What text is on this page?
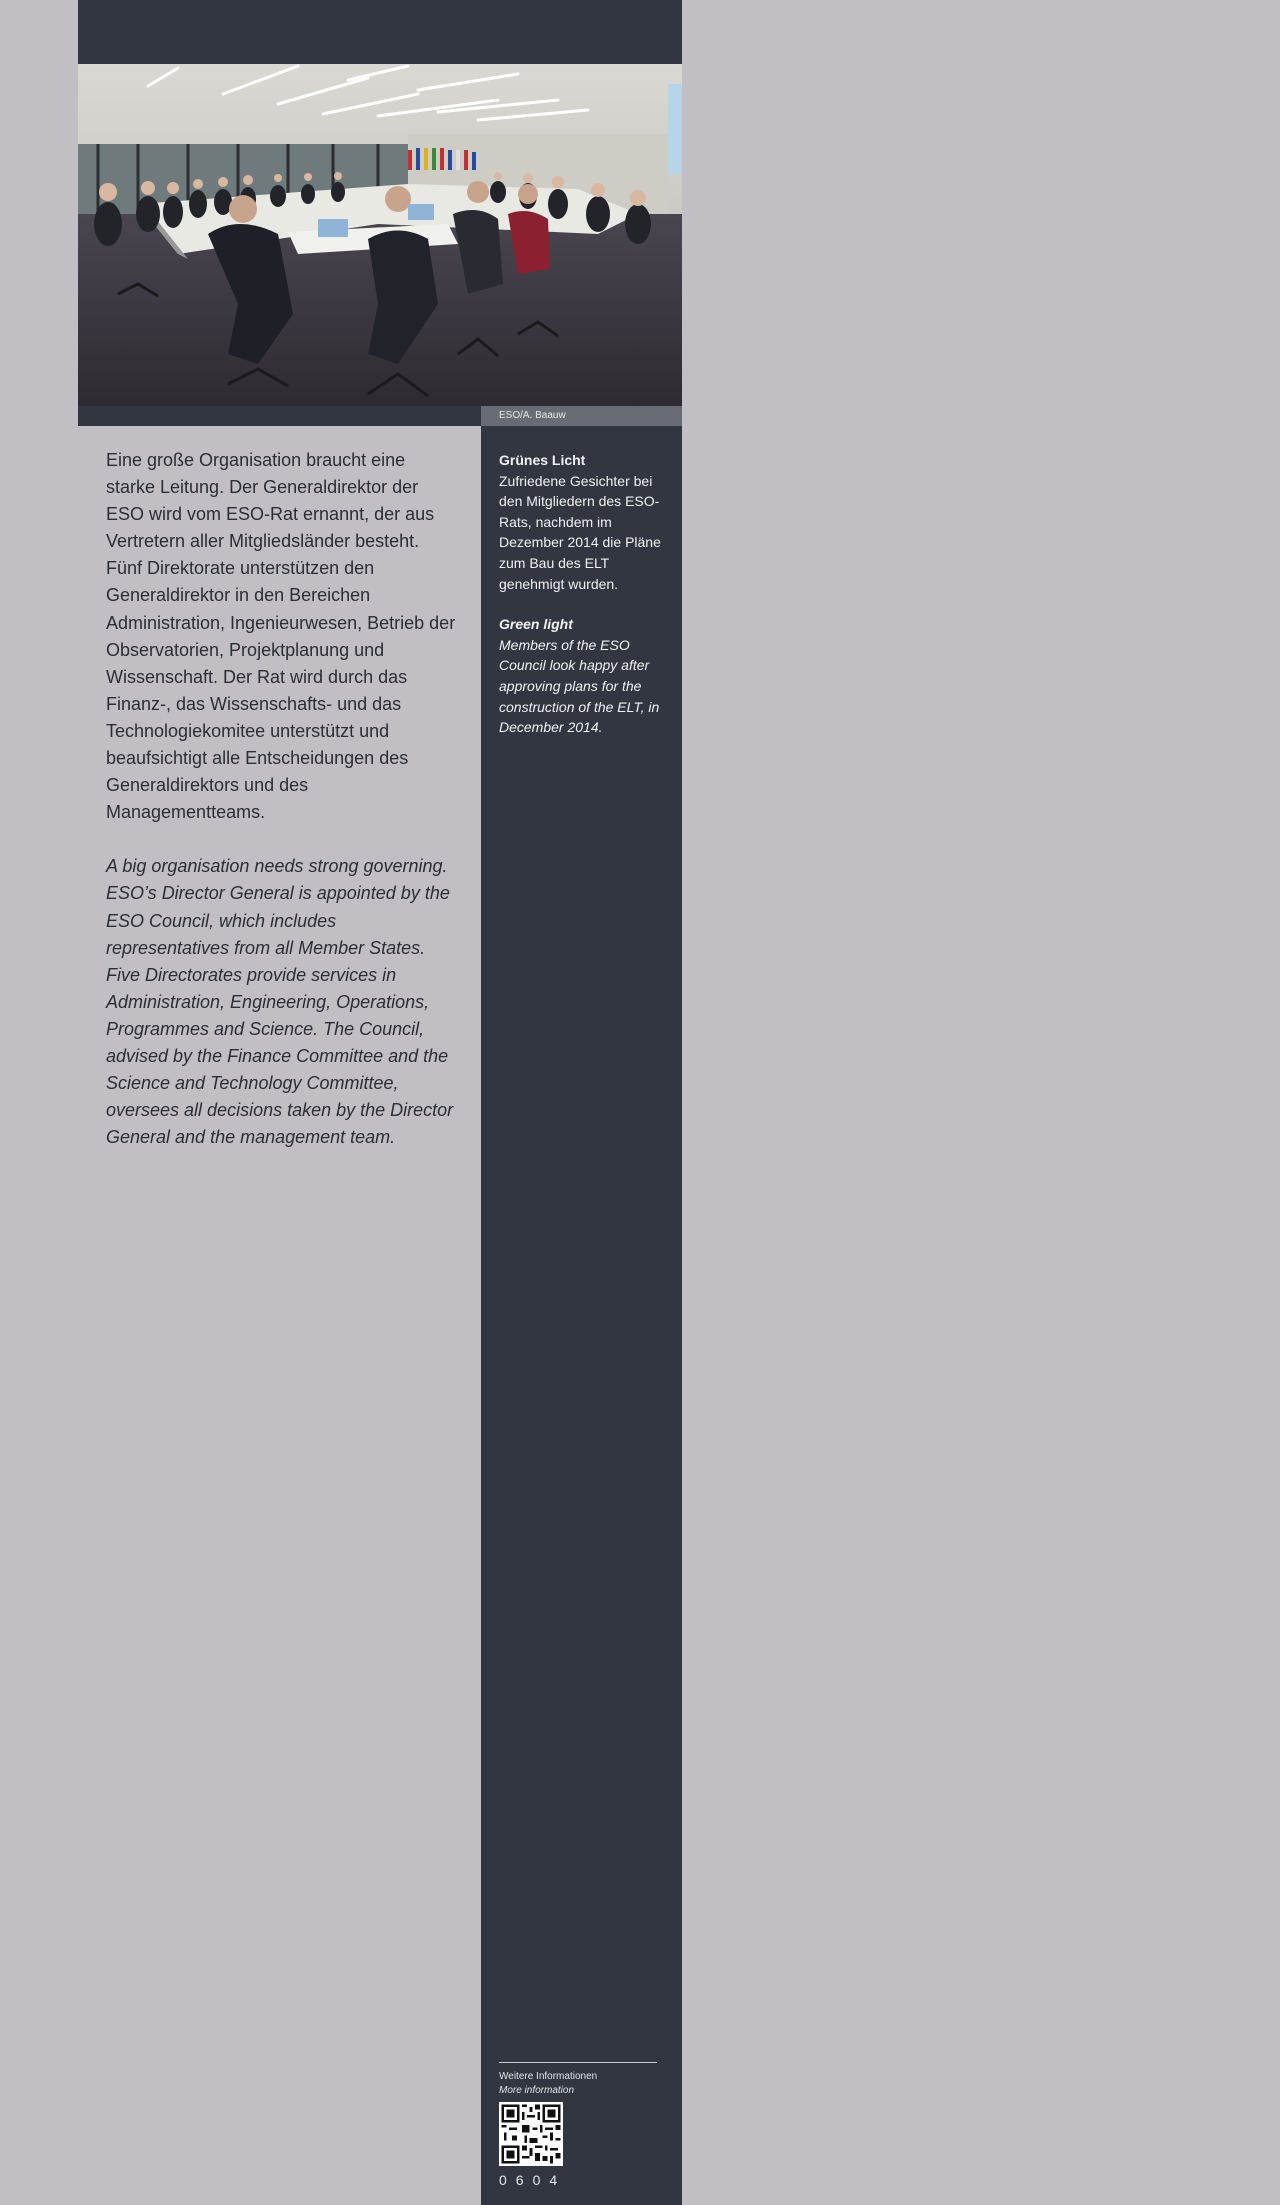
ESO/A. Baauw

Eine große Organisation braucht eine starke Leitung. Der Generaldirektor der ESO wird vom ESO-Rat ernannt, der aus Vertretern aller Mitgliedsländer besteht. Fünf Direktorate unterstützen den Generaldirektor in den Bereichen Administration, Ingenieurwesen, Betrieb der Observatorien, Projektplanung und Wissenschaft. Der Rat wird durch das Finanz-, das Wissenschafts- und das Technologiekomitee unterstützt und beaufsichtigt alle Entscheidungen des Generaldirektors und des Managementteams.

A big organisation needs strong governing. ESO’s Director General is appointed by the ESO Council, which includes representatives from all Member States. Five Directorates provide services in Administration, Engineering, Operations, Programmes and Science. The Council, advised by the Finance Committee and the Science and Technology Committee, oversees all decisions taken by the Director General and the management team.

Grünes Licht

Zufriedene Gesichter bei den Mitgliedern des ESO-Rats, nachdem im Dezember 2014 die Pläne zum Bau des ELT genehmigt wurden.

Green light

Members of the ESO Council look happy after approving plans for the construction of the ELT, in December 2014.

Weitere Informationen
More information
0604
